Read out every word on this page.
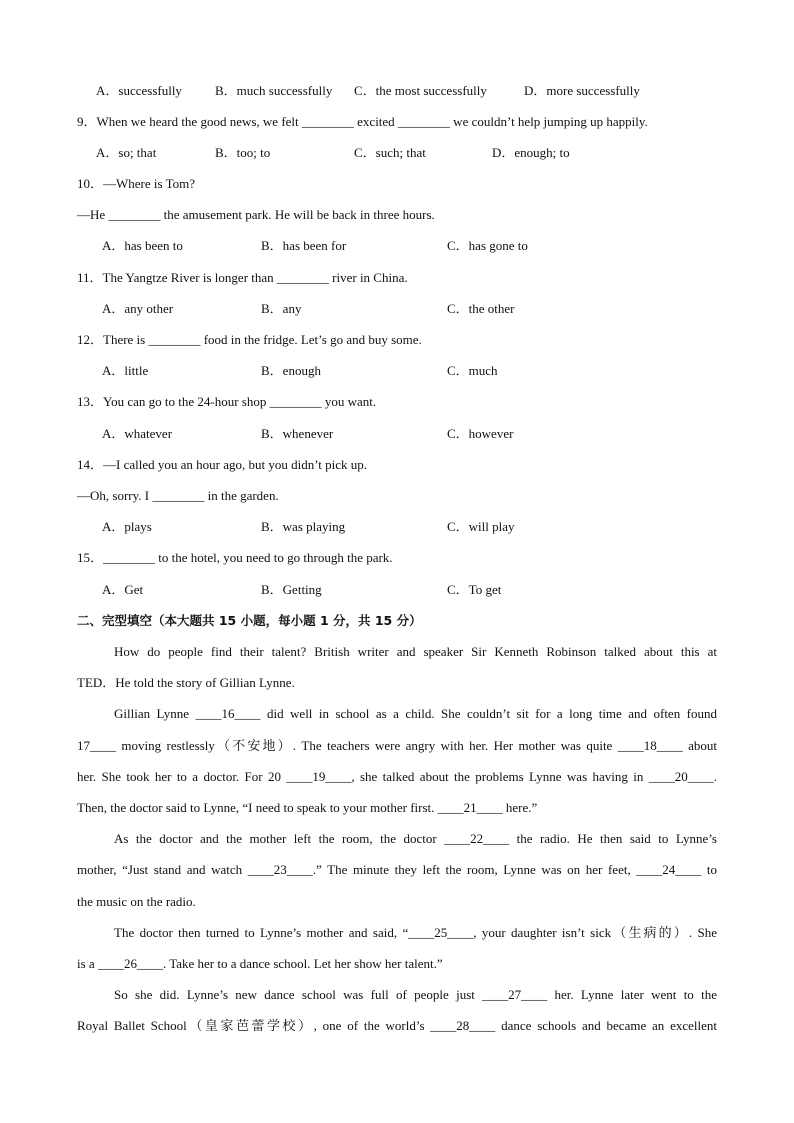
A．successfully	B．much successfully C．the most successfully	D．more successfully
9．When we heard the good news, we felt ________ excited ________ we couldn’t help jumping up happily.
A．so; that	B．too; to	C．such; that	D．enough; to
10．—Where is Tom?
—He ________ the amusement park. He will be back in three hours.
A．has been to	B．has been for	C．has gone to
11．The Yangtze River is longer than ________ river in China.
A．any other	B．any	C．the other
12．There is ________ food in the fridge. Let’s go and buy some.
A．little	B．enough	C．much
13．You can go to the 24-hour shop ________ you want.
A．whatever	B．whenever	C．however
14．—I called you an hour ago, but you didn’t pick up.
—Oh, sorry. I ________ in the garden.
A．plays	B．was playing	C．will play
15．________ to the hotel, you need to go through the park.
A．Get	B．Getting	C．To get
二、完型填空（本大题共 15 小题，每小题 1 分，共 15 分）
How do people find their talent? British writer and speaker Sir Kenneth Robinson talked about this at
TED．He told the story of Gillian Lynne.
Gillian Lynne ____16____ did well in school as a child. She couldn’t sit for a long time and often found
17____ moving restlessly（不安地）. The teachers were angry with her. Her mother was quite ____18____ about
her. She took her to a doctor. For 20 ____19____, she talked about the problems Lynne was having in ____20____.
Then, the doctor said to Lynne, “I need to speak to your mother first. ____21____ here.”
As the doctor and the mother left the room, the doctor ____22____ the radio. He then said to Lynne’s
mother, “Just stand and watch ____23____.” The minute they left the room, Lynne was on her feet, ____24____ to
the music on the radio.
The doctor then turned to Lynne’s mother and said, “____25____, your daughter isn’t sick（生病的）. She
is a ____26____. Take her to a dance school. Let her show her talent.”
So she did. Lynne’s new dance school was full of people just ____27____ her. Lynne later went to the
Royal Ballet School（皇家芭蕾学校）, one of the world’s ____28____ dance schools and became an excellent
